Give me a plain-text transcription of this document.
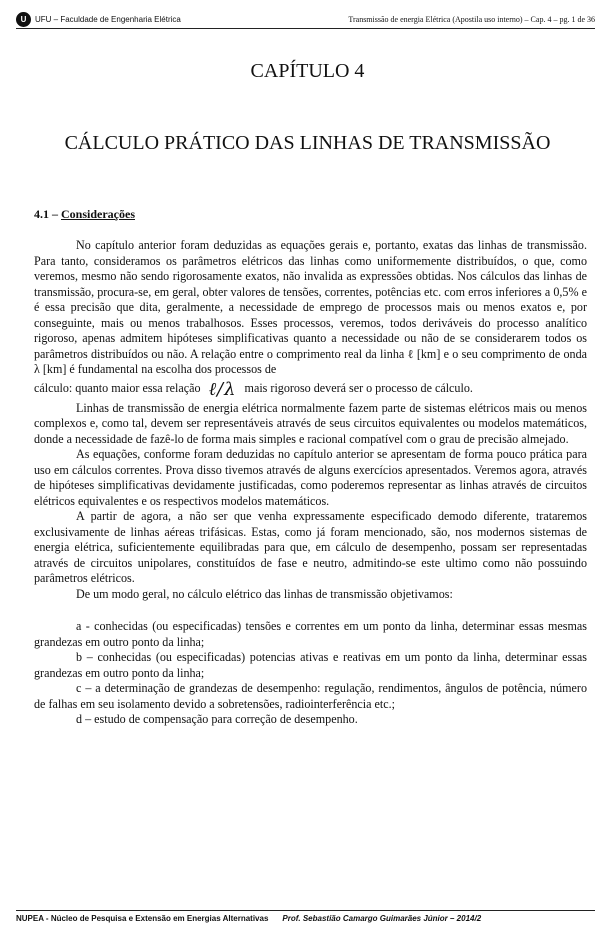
U	UFU – Faculdade de Engenharia Elétrica	Transmissão de energia Elétrica (Apostila uso interno) – Cap. 4 – pg. 1 de 36
CAPÍTULO 4
CÁLCULO PRÁTICO DAS LINHAS DE TRANSMISSÃO
4.1 – Considerações

No capítulo anterior foram deduzidas as equações gerais e, portanto, exatas das linhas de transmissão. Para tanto, consideramos os parâmetros elétricos das linhas como uniformemente distribuídos, o que, como veremos, mesmo não sendo rigorosamente exatos, não invalida as expressões obtidas. Nos cálculos das linhas de transmissão, procura-se, em geral, obter valores de tensões, correntes, potências etc. com erros inferiores a 0,5% e é essa precisão que dita, geralmente, a necessidade de emprego de processos mais ou menos exatos e, por conseguinte, mais ou menos trabalhosos. Esses processos, veremos, todos deriváveis do processo analítico rigoroso, apenas admitem hipóteses simplificativas quanto a necessidade ou não de se considerarem todos os parâmetros distribuídos ou não. A relação entre o comprimento real da linha ℓ [km] e o seu comprimento de onda λ [km] é fundamental na escolha dos processos de

cálculo: quanto maior essa relação ℓ/λ mais rigoroso deverá ser o processo de cálculo.

Linhas de transmissão de energia elétrica normalmente fazem parte de sistemas elétricos mais ou menos complexos e, como tal, devem ser representáveis através de seus circuitos equivalentes ou modelos matemáticos, donde a necessidade de fazê-lo de forma mais simples e racional compatível com o grau de precisão almejado.

As equações, conforme foram deduzidas no capítulo anterior se apresentam de forma pouco prática para uso em cálculos correntes. Prova disso tivemos através de alguns exercícios apresentados. Veremos agora, através de hipóteses simplificativas devidamente justificadas, como poderemos representar as linhas através de circuitos elétricos equivalentes e os respectivos modelos matemáticos.

A partir de agora, a não ser que venha expressamente especificado demodo diferente, trataremos exclusivamente de linhas aéreas trifásicas. Estas, como já foram mencionado, são, nos modernos sistemas de energia elétrica, suficientemente equilibradas para que, em cálculo de desempenho, possam ser representadas através de circuitos unipolares, constituídos de fase e neutro, admitindo-se este ultimo como não possuindo parâmetros elétricos.

De um modo geral, no cálculo elétrico das linhas de transmissão objetivamos:

a - conhecidas (ou especificadas) tensões e correntes em um ponto da linha, determinar essas mesmas grandezas em outro ponto da linha;

b – conhecidas (ou especificadas) potencias ativas e reativas em um ponto da linha, determinar essas grandezas em outro ponto da linha;

c – a determinação de grandezas de desempenho: regulação, rendimentos, ângulos de potência, número de falhas em seu isolamento devido a sobretensões, radiointerferência etc.;

d – estudo de compensação para correção de desempenho.

NUPEA - Núcleo de Pesquisa e Extensão em Energias Alternativas Prof. Sebastião Camargo Guimarães Júnior – 2014/2
